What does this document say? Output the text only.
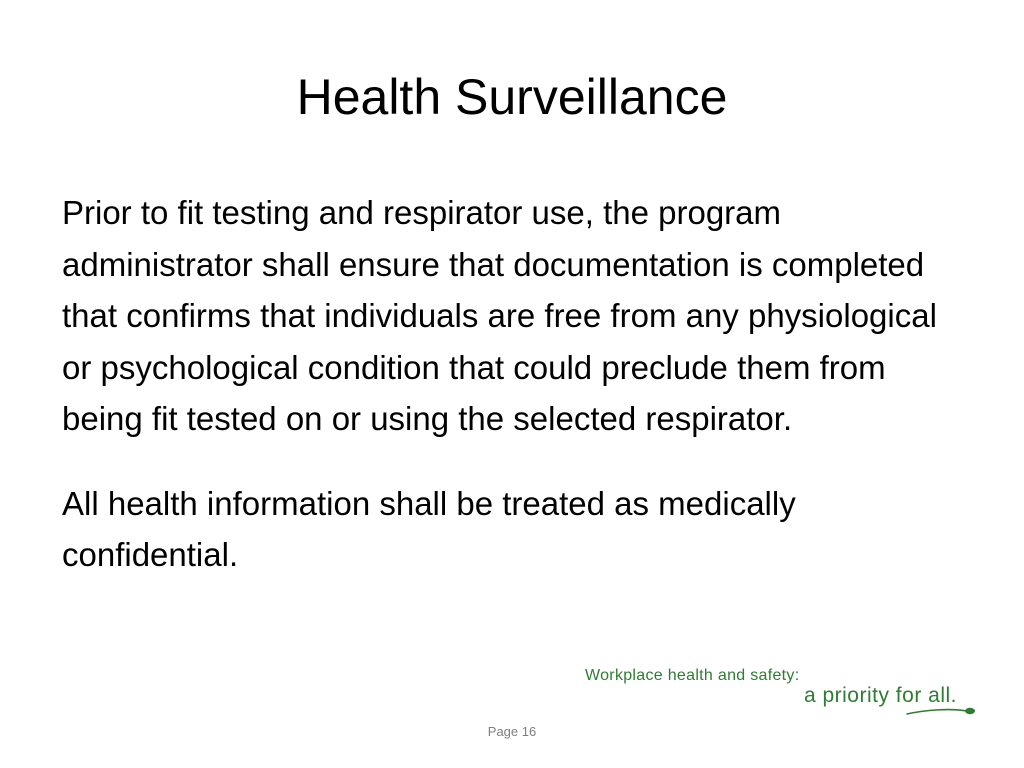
Health Surveillance

Prior to fit testing and respirator use, the program administrator shall ensure that documentation is completed that confirms that individuals are free from any physiological or psychological condition that could preclude them from being fit tested on or using the selected respirator.

All health information shall be treated as medically confidential.

Workplace health and safety:
a priority for all.
Page 16
